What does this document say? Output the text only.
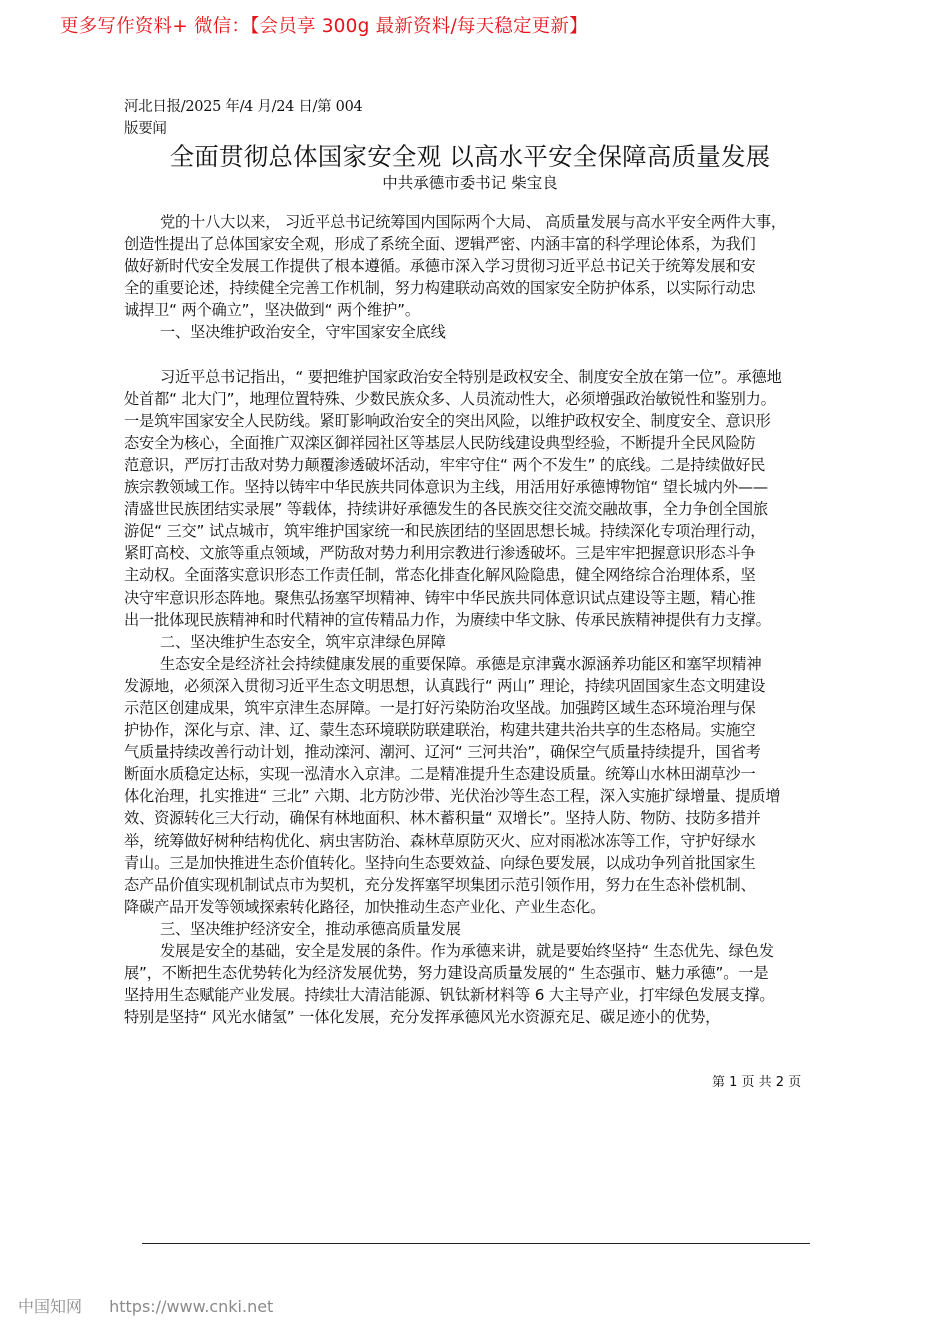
更多写作资料+ 微信：【会员享 300g 最新资料/每天稳定更新】
河北日报/2025 年/4 月/24 日/第 004
版要闻
全面贯彻总体国家安全观 以高水平安全保障高质量发展
中共承德市委书记 柴宝良
党的十八大以来， 习近平总书记统筹国内国际两个大局、 高质量发展与高水平安全两件大事，
创造性提出了总体国家安全观，形成了系统全面、逻辑严密、内涵丰富的科学理论体系，为我们
做好新时代安全发展工作提供了根本遵循。承德市深入学习贯彻习近平总书记关于统筹发展和安
全的重要论述，持续健全完善工作机制，努力构建联动高效的国家安全防护体系，以实际行动忠
诚捍卫“ 两个确立”，坚决做到“ 两个维护”。
一、坚决维护政治安全，守牢国家安全底线
习近平总书记指出，“ 要把维护国家政治安全特别是政权安全、制度安全放在第一位”。承德地
处首都“ 北大门”，地理位置特殊、少数民族众多、人员流动性大，必须增强政治敏锐性和鉴别力。
一是筑牢国家安全人民防线。紧盯影响政治安全的突出风险，以维护政权安全、制度安全、意识形
态安全为核心，全面推广双滦区御祥园社区等基层人民防线建设典型经验，不断提升全民风险防
范意识，严厉打击敌对势力颠覆渗透破坏活动，牢牢守住“ 两个不发生” 的底线。二是持续做好民
族宗教领域工作。坚持以铸牢中华民族共同体意识为主线，用活用好承德博物馆“ 望长城内外——
清盛世民族团结实录展” 等载体，持续讲好承德发生的各民族交往交流交融故事，全力争创全国旅
游促“ 三交” 试点城市，筑牢维护国家统一和民族团结的坚固思想长城。持续深化专项治理行动，
紧盯高校、文旅等重点领域，严防敌对势力利用宗教进行渗透破坏。三是牢牢把握意识形态斗争
主动权。全面落实意识形态工作责任制，常态化排查化解风险隐患，健全网络综合治理体系，坚
决守牢意识形态阵地。聚焦弘扬塞罕坝精神、铸牢中华民族共同体意识试点建设等主题，精心推
出一批体现民族精神和时代精神的宣传精品力作，为赓续中华文脉、传承民族精神提供有力支撑。
二、坚决维护生态安全，筑牢京津绿色屏障
生态安全是经济社会持续健康发展的重要保障。承德是京津冀水源涵养功能区和塞罕坝精神
发源地，必须深入贯彻习近平生态文明思想，认真践行“ 两山” 理论，持续巩固国家生态文明建设
示范区创建成果，筑牢京津生态屏障。一是打好污染防治攻坚战。加强跨区域生态环境治理与保
护协作，深化与京、津、辽、蒙生态环境联防联建联治，构建共建共治共享的生态格局。实施空
气质量持续改善行动计划，推动滦河、潮河、辽河“ 三河共治”，确保空气质量持续提升，国省考
断面水质稳定达标，实现一泓清水入京津。二是精准提升生态建设质量。统筹山水林田湖草沙一
体化治理，扎实推进“ 三北” 六期、北方防沙带、光伏治沙等生态工程，深入实施扩绿增量、提质增
效、资源转化三大行动，确保有林地面积、林木蓄积量“ 双增长”。坚持人防、物防、技防多措并
举，统筹做好树种结构优化、病虫害防治、森林草原防灭火、应对雨凇冰冻等工作，守护好绿水
青山。三是加快推进生态价值转化。坚持向生态要效益、向绿色要发展，以成功争列首批国家生
态产品价值实现机制试点市为契机，充分发挥塞罕坝集团示范引领作用，努力在生态补偿机制、
降碳产品开发等领域探索转化路径，加快推动生态产业化、产业生态化。
三、坚决维护经济安全，推动承德高质量发展
发展是安全的基础，安全是发展的条件。作为承德来讲，就是要始终坚持“ 生态优先、绿色发
展”，不断把生态优势转化为经济发展优势，努力建设高质量发展的“ 生态强市、魅力承德”。一是
坚持用生态赋能产业发展。持续壮大清洁能源、钒钛新材料等 6 大主导产业，打牢绿色发展支撑。
特别是坚持“ 风光水储氢” 一体化发展，充分发挥承德风光水资源充足、碳足迹小的优势，
第 1 页 共 2 页
中国知网 https://www.cnki.net
